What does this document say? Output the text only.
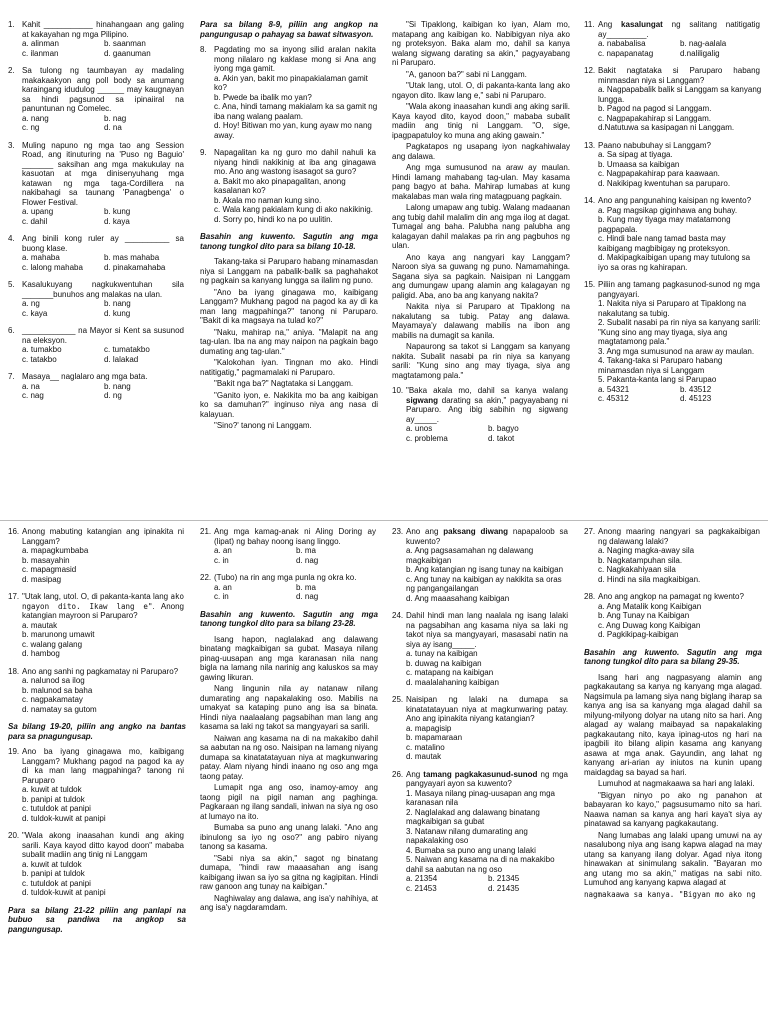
1. Kahit ___________ hinahangaan ang galing at kakayahan ng mga Pilipino.
a. alinman	b. saanman
c. ilanman	d. gaanuman
2. Sa tulong ng taumbayan ay madaling makakaakyon ang poll body sa anumang karaingang idudulog ______ may kaugnayan sa hindi pagsunod sa ipinaiiral na panuntunan ng Comelec.
a. nang	b. nag
c. ng	d. na
3. Muling napuno ng mga tao ang Session Road, ang itinuturing na 'Puso ng Baguio' _______ saksihan ang mga makukulay na kasuotan at mga dinisenyuhang mga katawan ng mga taga-Cordillera na nakibahagi sa taunang 'Panagbenga' o Flower Festival.
a. upang	b. kung
c. dahil	d. kaya
4. Ang binili kong ruler ay __________ sa buong klase.
a. mahaba	b. mas mahaba
c. lalong mahaba	d. pinakamahaba
5. Kasalukuyang nagkukwentuhan sila _______bunuhos ang malakas na ulan.
a. ng	b. nang
c. kaya	d. kung
6. ____________ na Mayor si Kent sa susunod na eleksyon.
a. tumakbo	c. tumatakbo
c. tatakbo	d. lalakad
7. Masaya__ naglalaro ang mga bata.
a. na	b. nang
c. nag	d. ng

Para sa bilang 8-9, piliin ang angkop na pangungusap o pahayag sa bawat sitwasyon.

8. Pagdating mo sa inyong silid aralan nakita mong nilalaro ng kaklase mong si Ana ang iyong mga gamit.
a. Akin yan, bakit mo pinapakialaman gamit ko?
b. Pwede ba ibalik mo yan?
c. Ana, hindi tamang makialam ka sa gamit ng iba nang walang paalam.
d. Hoy! Bitiwan mo yan, kung ayaw mo nang away.
9. Napagalitan ka ng guro mo dahil nahuli ka niyang hindi nakikinig at iba ang ginagawa mo. Ano ang wastong isasagot sa guro?
a. Bakit mo ako pinapagalitan, anong kasalanan ko?
b. Akala mo naman kung sino.
c. Wala kang pakialam kung di ako nakikinig.
d. Sorry po, hindi ko na po uulitin.

Basahin ang kuwento. Sagutin ang mga tanong tungkol dito para sa bilang 10-18.

Takang-taka si Paruparo habang minamasdan niya si Langgam na pabalik-balik sa paghahakot ng pagkain sa kanyang lungga sa ilalim ng puno.

"Ano ba iyang ginagawa mo, kaibigang Langgam? Mukhang pagod na pagod ka ay di ka man lang magpahinga?" tanong ni Paruparo. "Bakit di ka magsaya na tulad ko?"

"Naku, mahirap na," aniya. "Malapit na ang tag-ulan. Iba na ang may naipon na pagkain bago dumating ang tag-ulan."

"Kalokohan iyan. Tingnan mo ako. Hindi natitigatig," pagmamalaki ni Paruparo.

"Bakit nga ba?" Nagtataka si Langgam.

"Ganito iyon, e. Nakikita mo ba ang kaibigan ko sa damuhan?" inginuso niya ang nasa di kalayuan.

"Sino?' tanong ni Langgam.

"Si Tipaklong, kaibigan ko iyan, Alam mo, matapang ang kaibigan ko. Nabibigyan niya ako ng proteksyon. Baka alam mo, dahil sa kanya walang sigwang darating sa akin," pagyayabang ni Paruparo.

"A, ganoon ba?" sabi ni Langgam.

"Utak lang, utol. O, di pakanta-kanta lang ako ngayon dito. Ikaw lang e," sabi ni Paruparo.

"Wala akong inaasahan kundi ang aking sarili. Kaya kayod dito, kayod doon," mababa subalit madiin ang tinig ni Langgam. "O, sige, ipagpapatuloy ko muna ang aking gawain."

Pagkatapos ng usapang iyon nagkahiwalay ang dalawa.

Ang mga sumusunod na araw ay maulan. Hindi lamang mahabang tag-ulan. May kasama pang bagyo at baha. Mahirap lumabas at kung makalabas man wala ring matagpuang pagkain.

Lalong umapaw ang tubig. Walang madaanan ang tubig dahil malalim din ang mga ilog at dagat. Tumagal ang baha. Palubha nang palubha ang kalagayan dahil malakas pa rin ang pagbuhos ng ulan.

Ano kaya ang nangyari kay Langgam? Naroon siya sa guwang ng puno. Namamahinga. Sagana siya sa pagkain. Naisipan ni Langgam ang dumungaw upang alamin ang kalagayan ng paligid. Aba, ano ba ang kanyang nakita?

Nakita niya si Paruparo at Tipaklong na nakalutang sa tubig. Patay ang dalawa. Mayamaya'y dalawang mabilis na ibon ang mabilis na dumagit sa kanila.

Napaurong sa takot si Langgam sa kanyang nakita. Subalit nasabi pa rin niya sa kanyang sarili: "Kung sino ang may tiyaga, siya ang magtatamong pala."

10. "Baka akala mo, dahil sa kanya walang sigwang darating sa akin," pagyayabang ni Paruparo. Ang ibig sabihin ng sigwang ay_____.
a. unos	b. bagyo
c. problema	d. takot
11. Ang kasalungat ng salitang natitigatig ay_________.
a. nababalisa	b. nag-aalala
c. napapanatag	d.naliligalig
12. Bakit nagtataka si Paruparo habang minmasdan niya si Langgam?
a. Nagpapabalik balik si Langgam sa kanyang lungga.
b. Pagod na pagod si Langgam.
c. Nagpapakahirap si Langgam.
d.Natutuwa sa kasipagan ni Langgam.
13. Paano nabubuhay si Langgam?
a. Sa sipag at tiyaga.
b. Umaasa sa kaibigan
c. Nagpapakahirap para kaawaan.
d. Nakikipag kwentuhan sa paruparo.
14. Ano ang pangunahing kaisipan ng kwento?
a. Pag magsikap giginhawa ang buhay.
b. Kung may tiyaga may matatamong pagpapala.
c. Hindi bale nang tamad basta may kaibigang magbibigay ng proteksyon.
d. Makipagkaibigan upang may tutulong sa iyo sa oras ng kahirapan.
15. Piliin ang tamang pagkasunod-sunod ng mga pangyayari.
1. Nakita niya si Paruparo at Tipaklong na nakalutang sa tubig.
2. Subalit nasabi pa rin niya sa kanyang sarili: "Kung sino ang may tiyaga, siya ang magtatamong pala."
3. Ang mga sumusunod na araw ay maulan.
4. Takang-taka si Paruparo habang minamasdan niya si Langgam
5. Pakanta-kanta lang si Parupao
a. 54321	b. 43512
c. 45312	d. 45123
16. Anong mabuting katangian ang ipinakita ni Langgam?
a. mapagkumbaba
b. masayahin
c. mapagmasid
d. masipag
17. "Utak lang, utol. O, di pakanta-kanta lang ako ngayon dito. Ikaw lang e". Anong katangian mayroon si Paruparo?
a. mautak
b. marunong umawit
c. walang galang
d. hambog
18. Ano ang sanhi ng pagkamatay ni Paruparo?
a. nalunod sa ilog
b. malunod sa baha
c. nagpakamatay
d. namatay sa gutom

Sa bilang 19-20, piliin ang angko na bantas para sa pnagungusap.

19. Ano ba iyang ginagawa mo, kaibigang Langgam? Mukhang pagod na pagod ka ay di ka man lang magpahinga? tanong ni Paruparo
a. kuwit at tuldok
b. panipi at tuldok
c. tutuldok at panipi
d. tuldok-kuwit at panipi
20. "Wala akong inaasahan kundi ang aking sarili. Kaya kayod ditto kayod doon" mababa subalit madiin ang tinig ni Langgam
a. kuwit at tuldok
b. panipi at tuldok
c. tutuldok at panipi
d. tuldok-kuwit at panipi

Para sa bilang 21-22 piliin ang panlapi na bubuo sa pandiwa na angkop sa pangungusap.

21. Ang mga kamag-anak ni Aling Doring ay (lipat) ng bahay noong isang linggo.
a. an	b. ma
c. in	d. nag
22. (Tubo) na rin ang mga punla ng okra ko.
a. an	b. ma
c. in	d. nag

Basahin ang kuwento. Sagutin ang mga tanong tungkol dito para sa bilang 23-28.

Isang hapon, naglalakad ang dalawang binatang magkaibigan sa gubat. Masaya nilang pinag-uusapan ang mga karanasan nila nang bigla na lamang nila narinig ang kaluskos sa may gawing likuran.

Nang lingunin nila ay natanaw nilang dumarating ang napakalaking oso. Mabilis na umakyat sa kataping puno ang isa sa binata. Hindi niya naalaalang pagsabihan man lang ang kasama sa laki ng takot sa mangyayari sa sarili.

Naiwan ang kasama na di na makakibo dahil sa aabutan na ng oso. Naisipan na lamang niyang dumapa sa kinatatatayuan niya at magkunwaring patay. Alam niyang hindi inaano ng oso ang mga taong patay.

Lumapit nga ang oso, inamoy-amoy ang taong pigil na pigil naman ang paghinga. Pagkaraan ng ilang sandali, iniwan na siya ng oso at lumayo na ito.

Bumaba sa puno ang unang lalaki. "Ano ang ibinulong sa iyo ng oso?" ang pabiro niyang tanong sa kasama.

"Sabi niya sa akin," sagot ng binatang dumapa, "hindi raw maaasahan ang isang kaibigang iiwan sa iyo sa gitna ng kagipitan. Hindi raw ganoon ang tunay na kaibigan."

Naghiwalay ang dalawa, ang isa'y nahihiya, at ang isa'y nagdaramdam.

23. Ano ang paksang diwang napapaloob sa kuwento?
a. Ang pagsasamahan ng dalawang magkaibigan
b. Ang katangian ng isang tunay na kaibigan
c. Ang tunay na kaibigan ay nakikita sa oras ng pangangailangan
d. Ang maaasahang kaibigan
24. Dahil hindi man lang naalala ng isang lalaki na pagsabihan ang kasama niya sa laki ng takot niya sa mangyayari, masasabi natin na siya ay isang_____.
a. tunay na kaibigan
b. duwag na kaibigan
c. matapang na kaibigan
d. maalalahaning kaibigan
25. Naisipan ng lalaki na dumapa sa kinatatatayuan niya at magkunwaring patay. Ano ang ipinakita niyang katangian?
a. mapagisip
b. mapamaraan
c. matalino
d. mautak
26. Ang tamang pagkakasunud-sunod ng mga pangyayari ayon sa kuwento?
1. Masaya nilang pinag-uusapan ang mga karanasan nila
2. Naglalakad ang dalawang binatang magkaibigan sa gubat
3. Natanaw nilang dumarating ang napakalaking oso
4. Bumaba sa puno ang unang lalaki
5. Naiwan ang kasama na di na makakibo dahil sa aabutan na ng oso
a. 21354	b. 21345
c. 21453	d. 21435
27. Anong maaring nangyari sa pagkakaibigan ng dalawang lalaki?
a. Naging magka-away sila
b. Nagkatampuhan sila.
c. Nagkakahiyaan sila
d. Hindi na sila magkaibigan.
28. Ano ang angkop na pamagat ng kwento?
a. Ang Matalik kong Kaibigan
b. Ang Tunay na Kaibigan
c. Ang Duwag kong Kaibigan
d. Pagkikipag-kaibigan

Basahin ang kuwento. Sagutin ang mga tanong tungkol dito para sa bilang 29-35.

Isang hari ang nagpasyang alamin ang pagkakautang sa kanya ng kanyang mga alagad. Nagsimula pa lamang siya nang biglang iharap sa kanya ang isa sa kanyang mga alagad dahil sa milyung-milyong dolyar na utang nito sa hari. Ang alagad ay walang maibayad sa napakalaking pagkakautang nito, kaya ipinag-utos ng hari na ipagbili ito bilang alipin kasama ang kanyang asawa at mga anak. Gayundin, ang lahat ng kanyang ari-arian ay iniutos na kunin upang maidagdag sa bayad sa hari.

Lumuhod at nagmakaawa sa hari ang lalaki.

"Bigyan ninyo po ako ng panahon at babayaran ko kayo," pagsusumamo nito sa hari. Naawa naman sa kanya ang hari kaya't siya ay pinatawad sa kanyang pagkakautang.

Nang lumabas ang lalaki upang umuwi na ay nasalubong niya ang isang kapwa alagad na may utang sa kanyang ilang dolyar. Agad niya itong hinawakan at sinimulang sakalin. "Bayaran mo ang utang mo sa akin," matigas na sabi nito. Lumuhod ang kanyang kapwa alagad at

nagmakaawa sa kanya. "Bigyan mo ako ng
